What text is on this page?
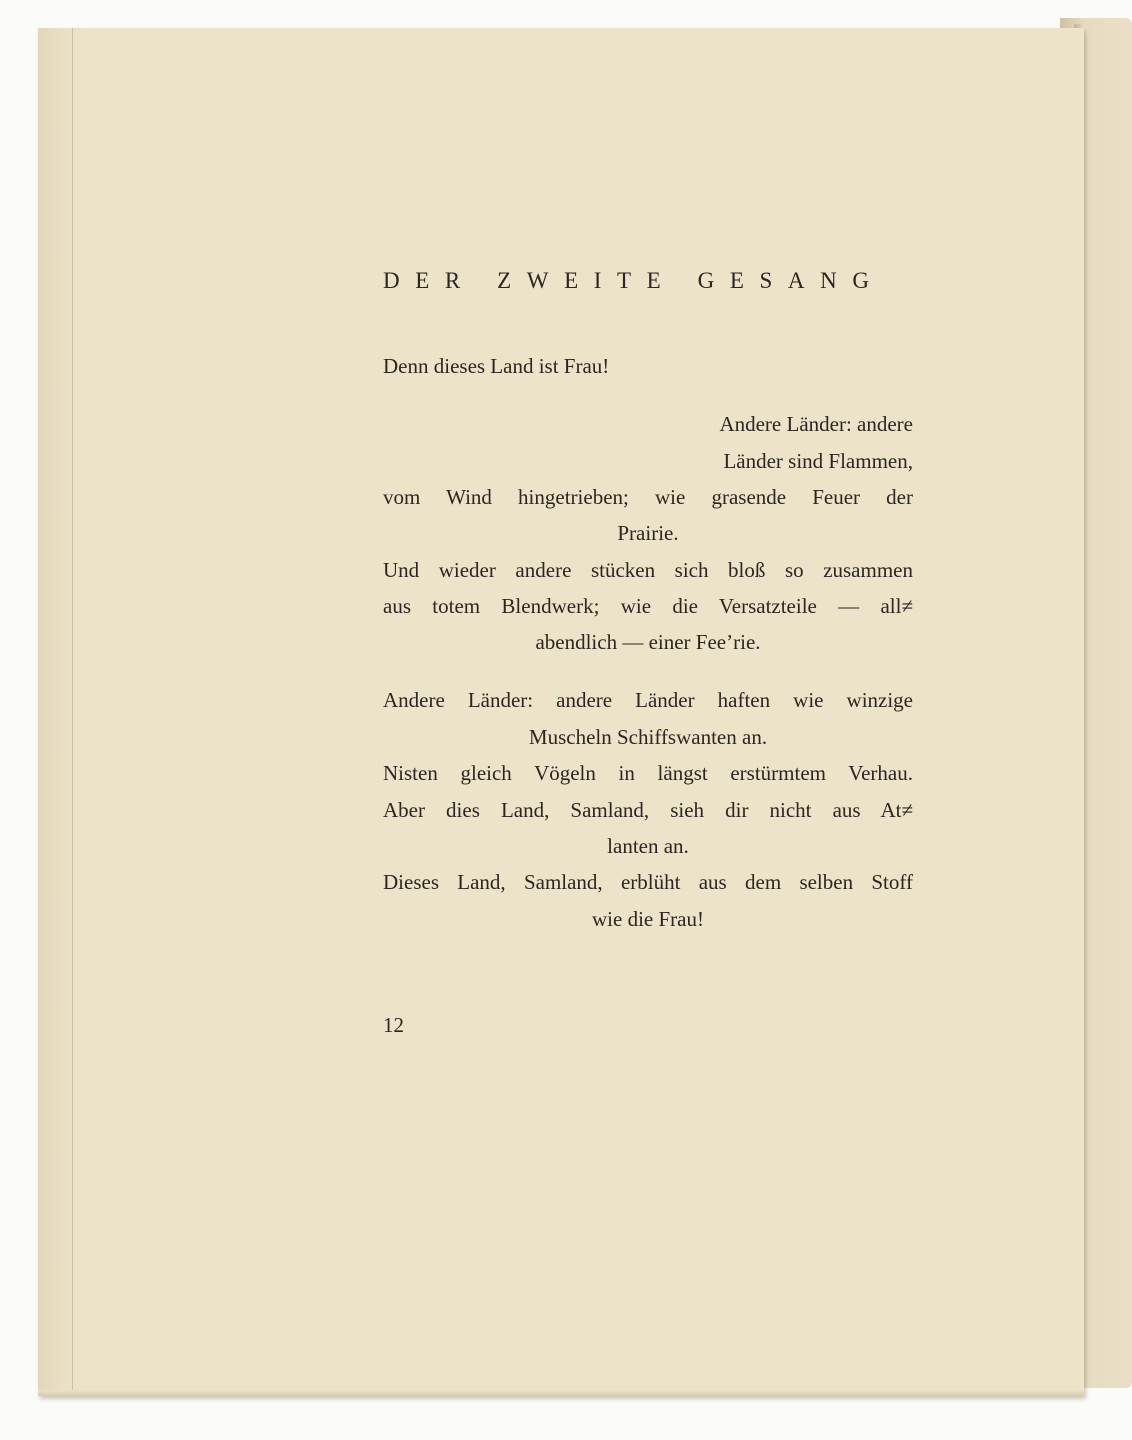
DER ZWEITE GESANG
Denn dieses Land ist Frau!
Andere Länder: andere
Länder sind Flammen,
vom Wind hingetrieben; wie grasende Feuer der
Prairie.
Und wieder andere stücken sich bloß so zusammen
aus totem Blendwerk; wie die Versatzteile — all≠
abendlich — einer Fee’rie.
Andere Länder: andere Länder haften wie winzige
Muscheln Schiffswanten an.
Nisten gleich Vögeln in längst erstürmtem Verhau.
Aber dies Land, Samland, sieh dir nicht aus At≠
lanten an.
Dieses Land, Samland, erblüht aus dem selben Stoff
wie die Frau!
12
